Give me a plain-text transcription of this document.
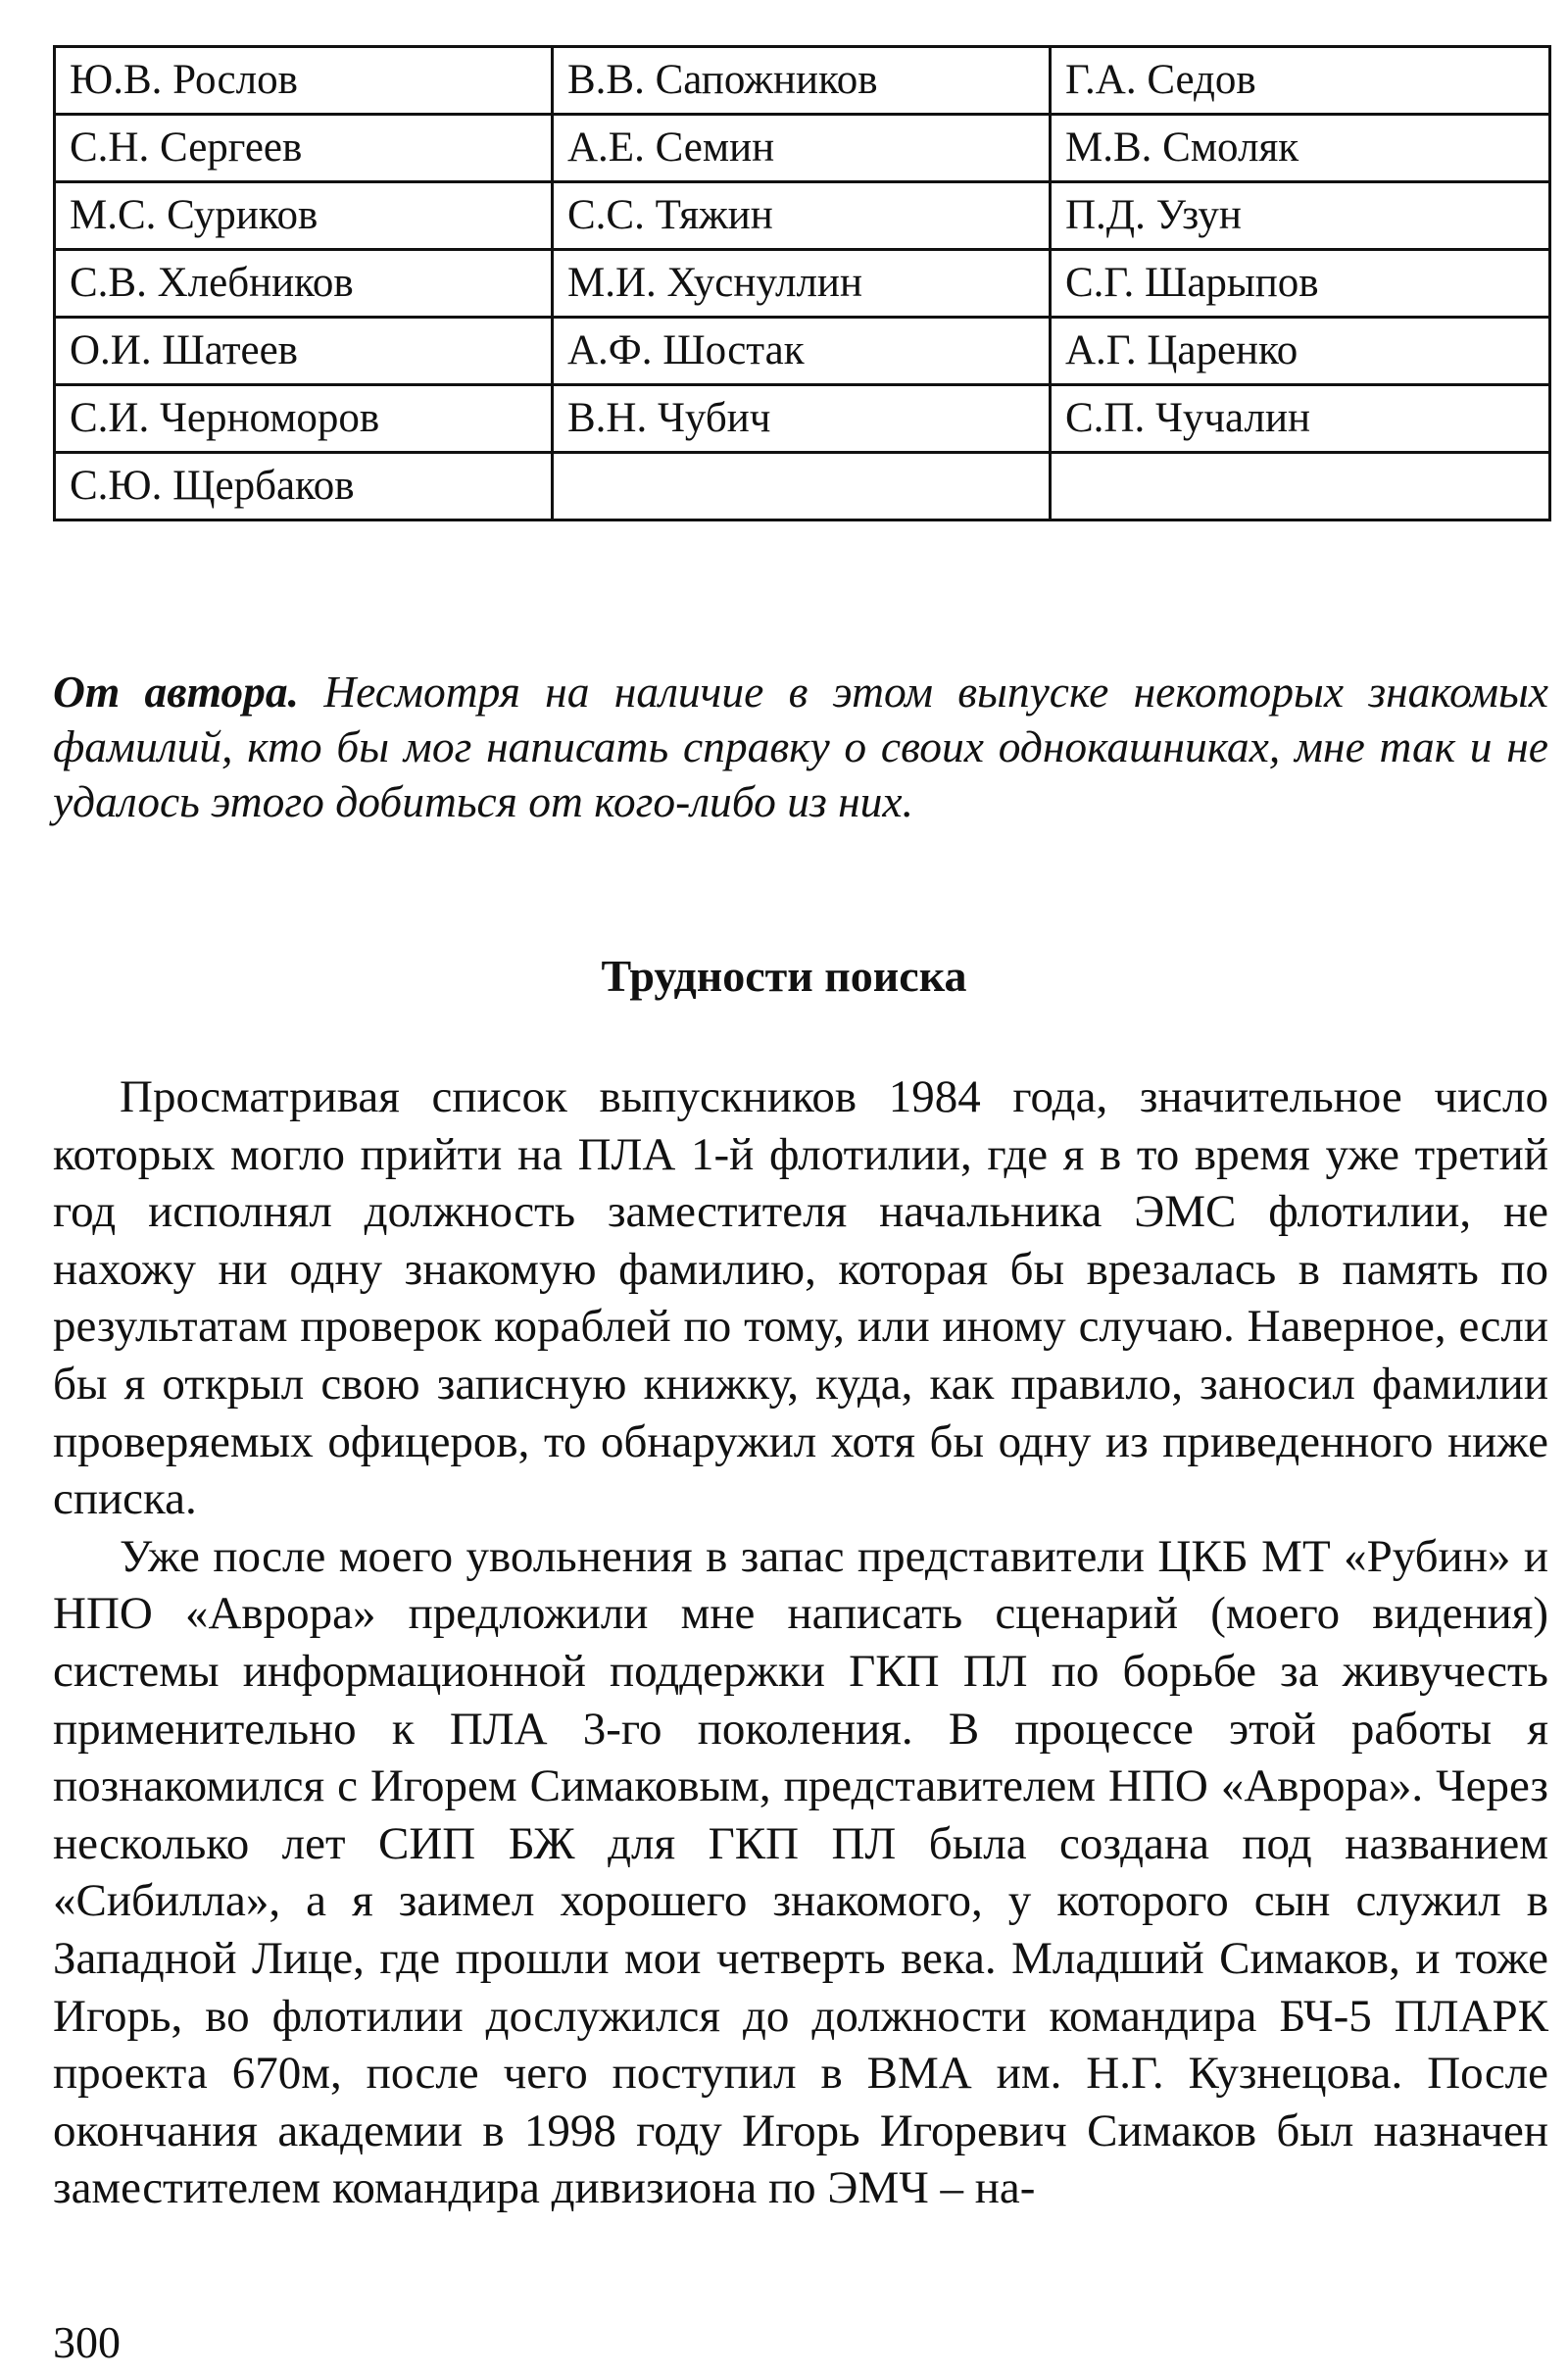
Ю.В. Рослов	В.В. Сапожников	Г.А. Седов
С.Н. Сергеев	А.Е. Семин	М.В. Смоляк
М.С. Суриков	С.С. Тяжин	П.Д. Узун
С.В. Хлебников	М.И. Хуснуллин	С.Г. Шарыпов
О.И. Шатеев	А.Ф. Шостак	А.Г. Царенко
С.И. Черноморов	В.Н. Чубич	С.П. Чучалин
С.Ю. Щербаков		

От автора. Несмотря на наличие в этом выпуске некоторых знакомых фамилий, кто бы мог написать справку о своих однокашниках, мне так и не удалось этого добиться от кого-либо из них.

Трудности поиска

Просматривая список выпускников 1984 года, значительное число которых могло прийти на ПЛА 1-й флотилии, где я в то время уже третий год исполнял должность заместителя начальника ЭМС флотилии, не нахожу ни одну знакомую фамилию, которая бы врезалась в память по результатам проверок кораблей по тому, или иному случаю. Наверное, если бы я открыл свою записную книжку, куда, как правило, заносил фамилии проверяемых офицеров, то обнаружил хотя бы одну из приведенного ниже списка.

Уже после моего увольнения в запас представители ЦКБ МТ «Рубин» и НПО «Аврора» предложили мне написать сценарий (моего видения) системы информационной поддержки ГКП ПЛ по борьбе за живучесть применительно к ПЛА 3-го поколения. В процессе этой работы я познакомился с Игорем Симаковым, представителем НПО «Аврора». Через несколько лет СИП БЖ для ГКП ПЛ была создана под названием «Сибилла», а я заимел хорошего знакомого, у которого сын служил в Западной Лице, где прошли мои четверть века. Младший Симаков, и тоже Игорь, во флотилии дослужился до должности командира БЧ-5 ПЛАРК проекта 670м, после чего поступил в ВМА им. Н.Г. Кузнецова. После окончания академии в 1998 году Игорь Игоревич Симаков был назначен заместителем командира дивизиона по ЭМЧ – на-

300
